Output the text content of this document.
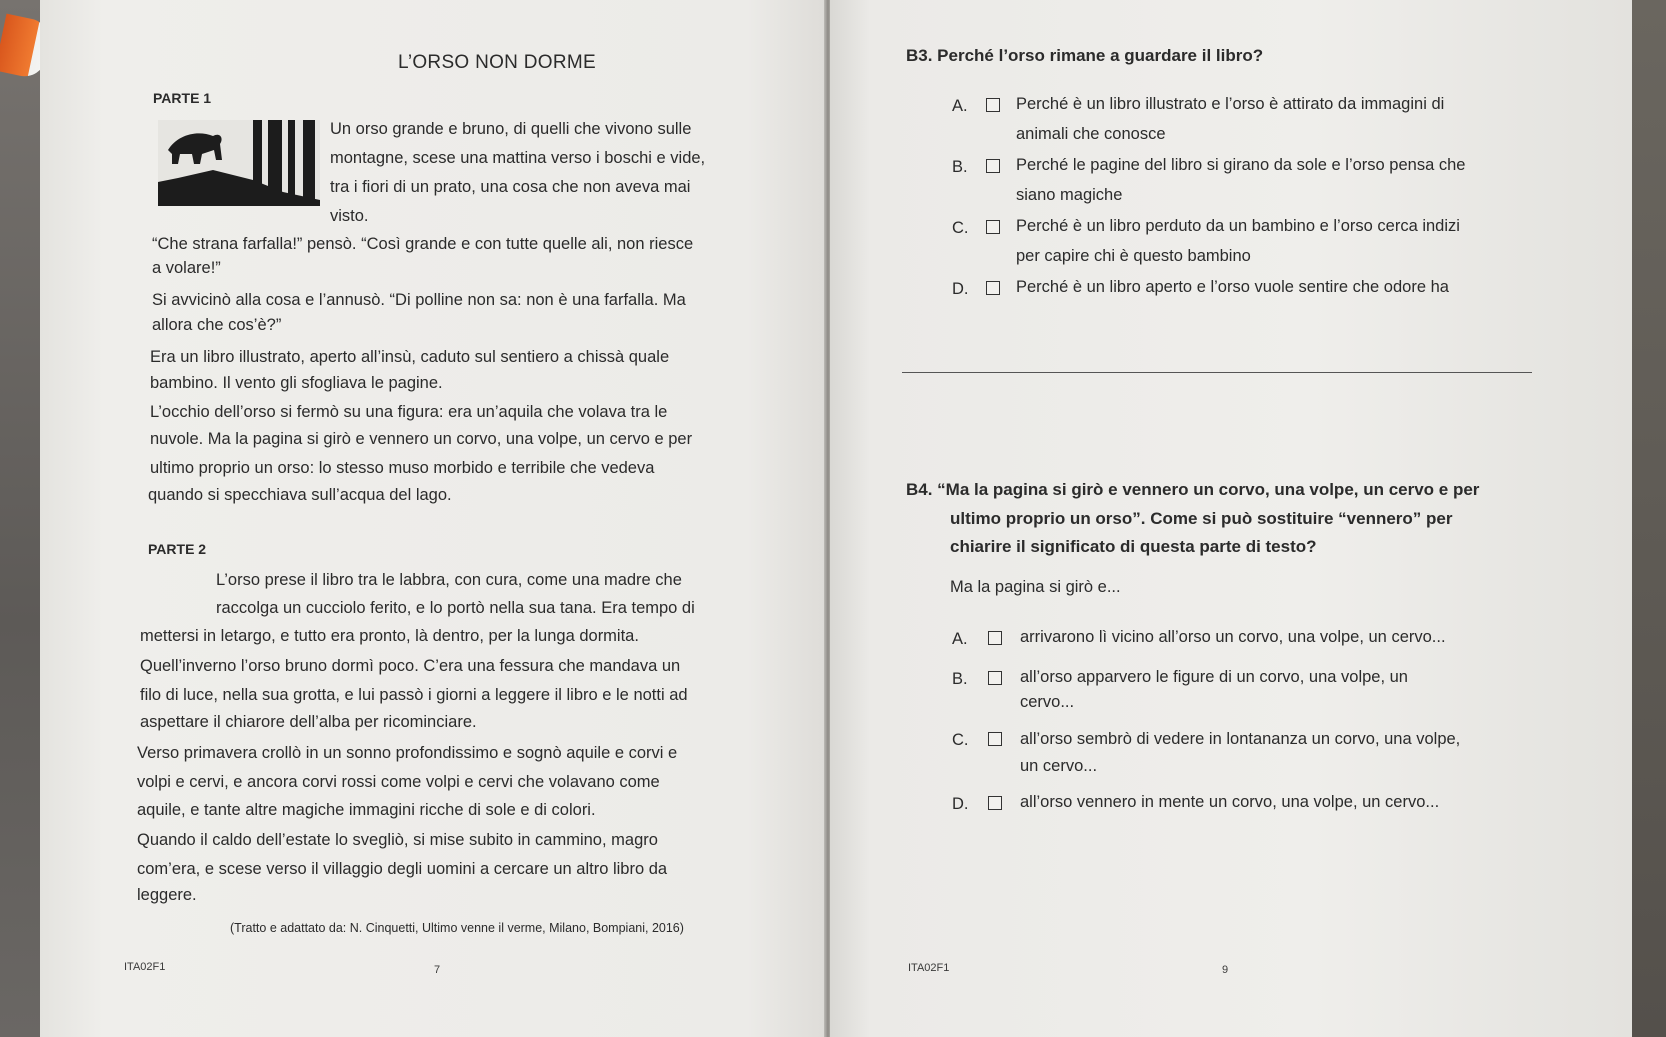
L’ORSO NON DORME
PARTE 1
Un orso grande e bruno, di quelli che vivono sulle
montagne, scese una mattina verso i boschi e vide,
tra i fiori di un prato, una cosa che non aveva mai
visto.
“Che strana farfalla!” pensò. “Così grande e con tutte quelle ali, non riesce
a volare!”
Si avvicinò alla cosa e l’annusò. “Di polline non sa: non è una farfalla. Ma
allora che cos’è?”
Era un libro illustrato, aperto all’insù, caduto sul sentiero a chissà quale
bambino. Il vento gli sfogliava le pagine.
L’occhio dell’orso si fermò su una figura: era un’aquila che volava tra le
nuvole. Ma la pagina si girò e vennero un corvo, una volpe, un cervo e per
ultimo proprio un orso: lo stesso muso morbido e terribile che vedeva
quando si specchiava sull’acqua del lago.
PARTE 2
L’orso prese il libro tra le labbra, con cura, come una madre che
raccolga un cucciolo ferito, e lo portò nella sua tana. Era tempo di
mettersi in letargo, e tutto era pronto, là dentro, per la lunga dormita.
Quell’inverno l’orso bruno dormì poco. C’era una fessura che mandava un
filo di luce, nella sua grotta, e lui passò i giorni a leggere il libro e le notti ad
aspettare il chiarore dell’alba per ricominciare.
Verso primavera crollò in un sonno profondissimo e sognò aquile e corvi e
volpi e cervi, e ancora corvi rossi come volpi e cervi che volavano come
aquile, e tante altre magiche immagini ricche di sole e di colori.
Quando il caldo dell’estate lo svegliò, si mise subito in cammino, magro
com’era, e scese verso il villaggio degli uomini a cercare un altro libro da
leggere.
(Tratto e adattato da: N. Cinquetti, Ultimo venne il verme, Milano, Bompiani, 2016)
ITA02F1	7
B3. Perché l’orso rimane a guardare il libro?
A.	Perché è un libro illustrato e l’orso è attirato da immagini di
animali che conosce
B.	Perché le pagine del libro si girano da sole e l’orso pensa che
siano magiche
C.	Perché è un libro perduto da un bambino e l’orso cerca indizi
per capire chi è questo bambino
D.	Perché è un libro aperto e l’orso vuole sentire che odore ha
B4. “Ma la pagina si girò e vennero un corvo, una volpe, un cervo e per
ultimo proprio un orso”. Come si può sostituire “vennero” per
chiarire il significato di questa parte di testo?
Ma la pagina si girò e...
A.	arrivarono lì vicino all’orso un corvo, una volpe, un cervo...
B.	all’orso apparvero le figure di un corvo, una volpe, un
cervo...
C.	all’orso sembrò di vedere in lontananza un corvo, una volpe,
un cervo...
D.	all’orso vennero in mente un corvo, una volpe, un cervo...
ITA02F1	9
